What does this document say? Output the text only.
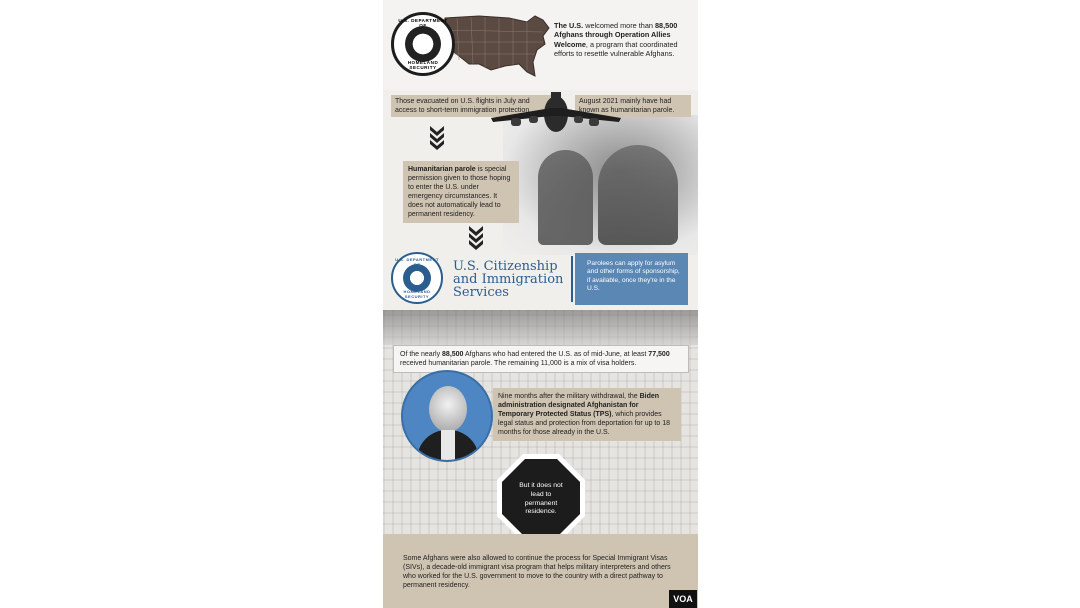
U.S. DEPARTMENT
HOMELAND SECURITY
The U.S. welcomed more than 88,500 Afghans through Operation Allies Welcome, a program that coordinated efforts to resettle vulnerable Afghans.
Those evacuated on U.S. flights in July and access to short-term immigration protection
August 2021 mainly have had known as humanitarian parole.
Humanitarian parole is special permission given to those hoping to enter the U.S. under emergency circumstances. It does not automatically lead to permanent residency.
U.S. DEPARTMENT
HOMELAND SECURITY
U.S. Citizenship
and Immigration
Services
Parolees can apply for asylum and other forms of sponsorship, if available, once they're in the U.S.
Of the nearly 88,500 Afghans who had entered the U.S. as of mid-June, at least 77,500 received humanitarian parole. The remaining 11,000 is a mix of visa holders.
Nine months after the military withdrawal, the Biden administration designated Afghanistan for Temporary Protected Status (TPS), which provides legal status and protection from deportation for up to 18 months for those already in the U.S.
But it does not lead to permanent residence.
Some Afghans were also allowed to continue the process for Special Immigrant Visas (SIVs), a decade-old immigrant visa program that helps military interpreters and others who worked for the U.S. government to move to the country with a direct pathway to permanent residency.
VOA
